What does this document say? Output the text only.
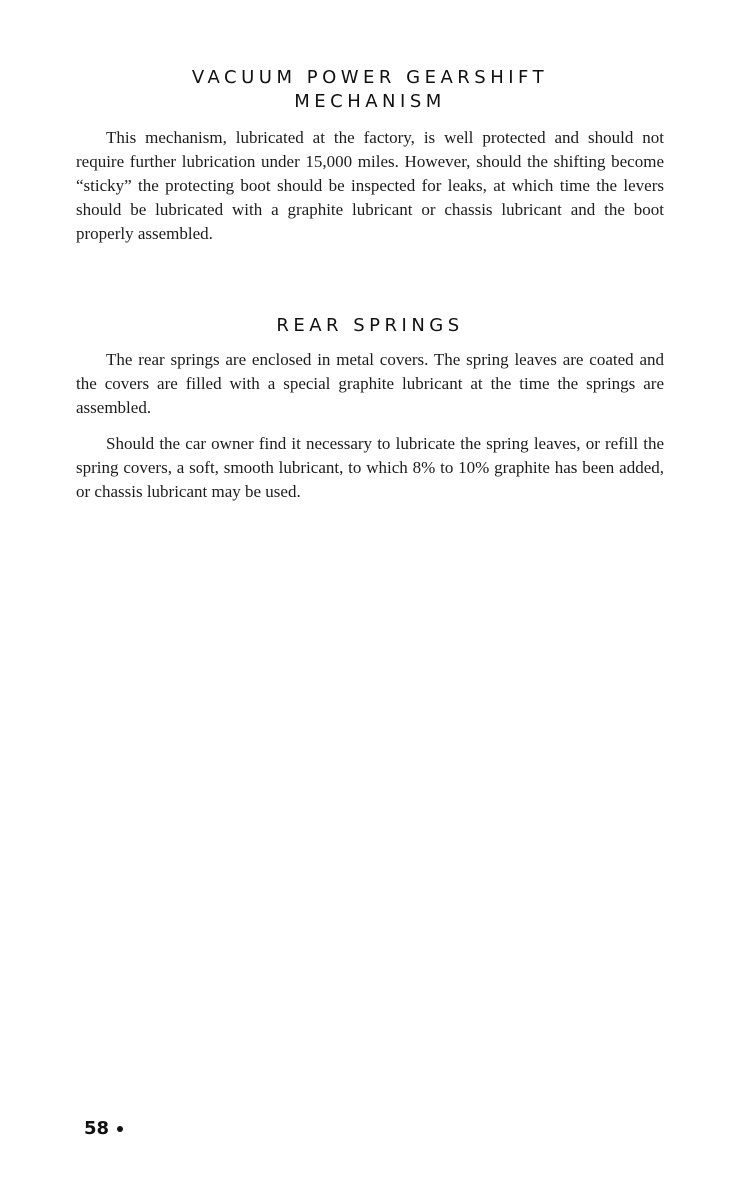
VACUUM POWER GEARSHIFT
MECHANISM

This mechanism, lubricated at the factory, is well protected and should not require further lubrication under 15,000 miles. However, should the shifting become “sticky” the protecting boot should be inspected for leaks, at which time the levers should be lubricated with a graphite lubricant or chassis lubricant and the boot properly assembled.

REAR SPRINGS

The rear springs are enclosed in metal covers. The spring leaves are coated and the covers are filled with a special graphite lubricant at the time the springs are assembled.

Should the car owner find it necessary to lubricate the spring leaves, or refill the spring covers, a soft, smooth lubricant, to which 8% to 10% graphite has been added, or chassis lubricant may be used.

58
